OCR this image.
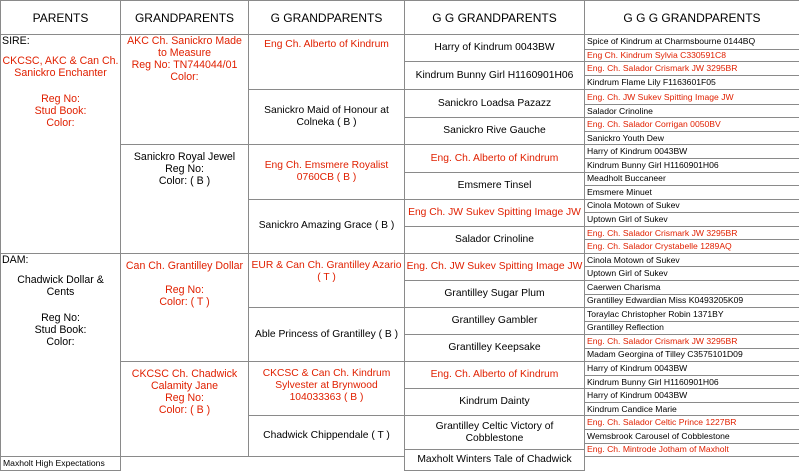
PARENTS	GRANDPARENTS	G GRANDPARENTS	G G GRANDPARENTS	G G G GRANDPARENTS

SIRE:
CKCSC, AKC & Can Ch. Sanickro Enchanter
Reg No:
Stud Book:
Color:	AKC Ch. Sanickro Made to Measure
Reg No: TN744044/01
Color:	Eng Ch. Alberto of Kindrum	Harry of Kindrum 0043BW	Spice of Kindrum at Charmsbourne 0144BQ
				Eng Ch. Kindrum Sylvia C330591C8
			Kindrum Bunny Girl H1160901H06	Eng. Ch. Salador Crismark JW 3295BR
				Kindrum Flame Lily F1163601F05
		Sanickro Maid of Honour at Colneka ( B )	Sanickro Loadsa Pazazz	Eng. Ch. JW Sukev Spitting Image JW
				Salador Crinoline
			Sanickro Rive Gauche	Eng. Ch. Salador Corrigan 0050BV
				Sanickro Youth Dew

	Sanickro Royal Jewel
Reg No:
Color: ( B )	Eng Ch. Emsmere Royalist 0760CB ( B )	Eng. Ch. Alberto of Kindrum	Harry of Kindrum 0043BW
				Kindrum Bunny Girl H1160901H06
			Emsmere Tinsel	Meadholt Buccaneer
				Emsmere Minuet
		Sanickro Amazing Grace ( B )	Eng Ch. JW Sukev Spitting Image JW	Cinola Motown of Sukev
				Uptown Girl of Sukev
			Salador Crinoline	Eng. Ch. Salador Crismark JW 3295BR
				Eng. Ch. Salador Crystabelle 1289AQ

DAM:
Chadwick Dollar & Cents
Reg No:
Stud Book:
Color:	Can Ch. Grantilley Dollar
Reg No:
Color: ( T )	EUR & Can Ch. Grantilley Azario ( T )	Eng. Ch. JW Sukev Spitting Image JW	Cinola Motown of Sukev
				Uptown Girl of Sukev
			Grantilley Sugar Plum	Caerwen Charisma
				Grantilley Edwardian Miss K0493205K09
		Able Princess of Grantilley ( B )	Grantilley Gambler	Toraylac Christopher Robin 1371BY
				Grantilley Reflection
			Grantilley Keepsake	Eng. Ch. Salador Crismark JW 3295BR
				Madam Georgina of Tilley C3575101D09

	CKCSC Ch. Chadwick Calamity Jane
Reg No:
Color: ( B )	CKCSC & Can Ch. Kindrum Sylvester at Brynwood 104033363 ( B )	Eng. Ch. Alberto of Kindrum	Harry of Kindrum 0043BW
				Kindrum Bunny Girl H1160901H06
			Kindrum Dainty	Harry of Kindrum 0043BW
				Kindrum Candice Marie
		Chadwick Chippendale ( T )	Grantilley Celtic Victory of Cobblestone	Eng. Ch. Salador Celtic Prince 1227BR
				Wemsbrook Carousel of Cobblestone
				Eng. Ch. Mintrode Jotham of Maxholt
			Maxholt Winters Tale of Chadwick	
Maxholt High Expectations				
